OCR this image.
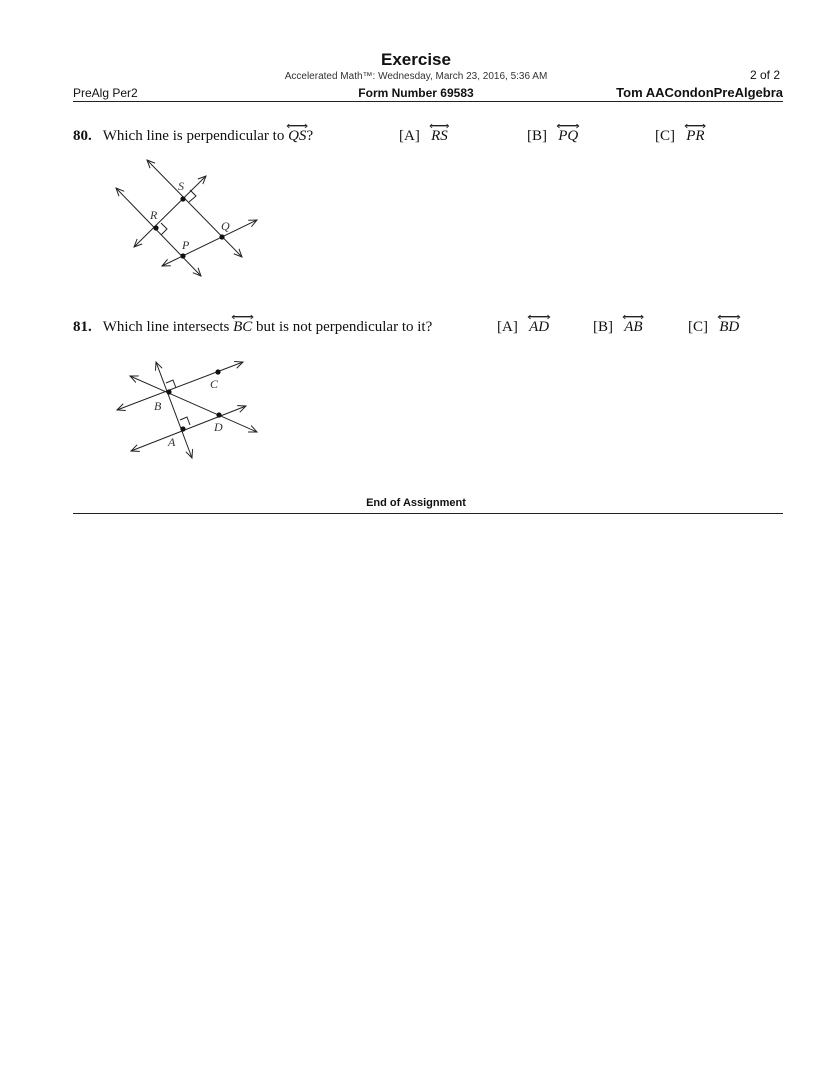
Exercise
Accelerated Math™: Wednesday, March 23, 2016, 5:36 AM	2 of 2
PreAlg Per2	Form Number 69583	Tom AACondonPreAlgebra
80. Which line is perpendicular to
QS?	[A] RS	[B] PQ	[C] PR
S
R
Q
P
81. Which line intersects
BC but is not perpendicular to it?	[A] AD	[B] AB	[C] BD
C
B
D
A
End of Assignment
